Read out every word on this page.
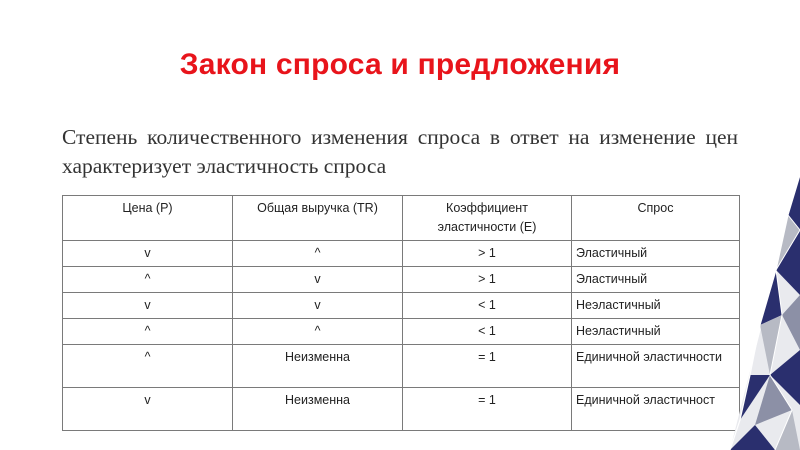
Закон спроса и предложения

Степень количественного изменения спроса в ответ на изменение цен характеризует эластичность спроса

Цена (P)	Общая выручка (TR)	Коэффициент эластичности (E)	Спрос
v	^	> 1	Эластичный
^	v	> 1	Эластичный
v	v	< 1	Неэластичный
^	^	< 1	Неэластичный
^	Неизменна	= 1	Единичной эластичности
v	Неизменна	= 1	Единичной эластичност
